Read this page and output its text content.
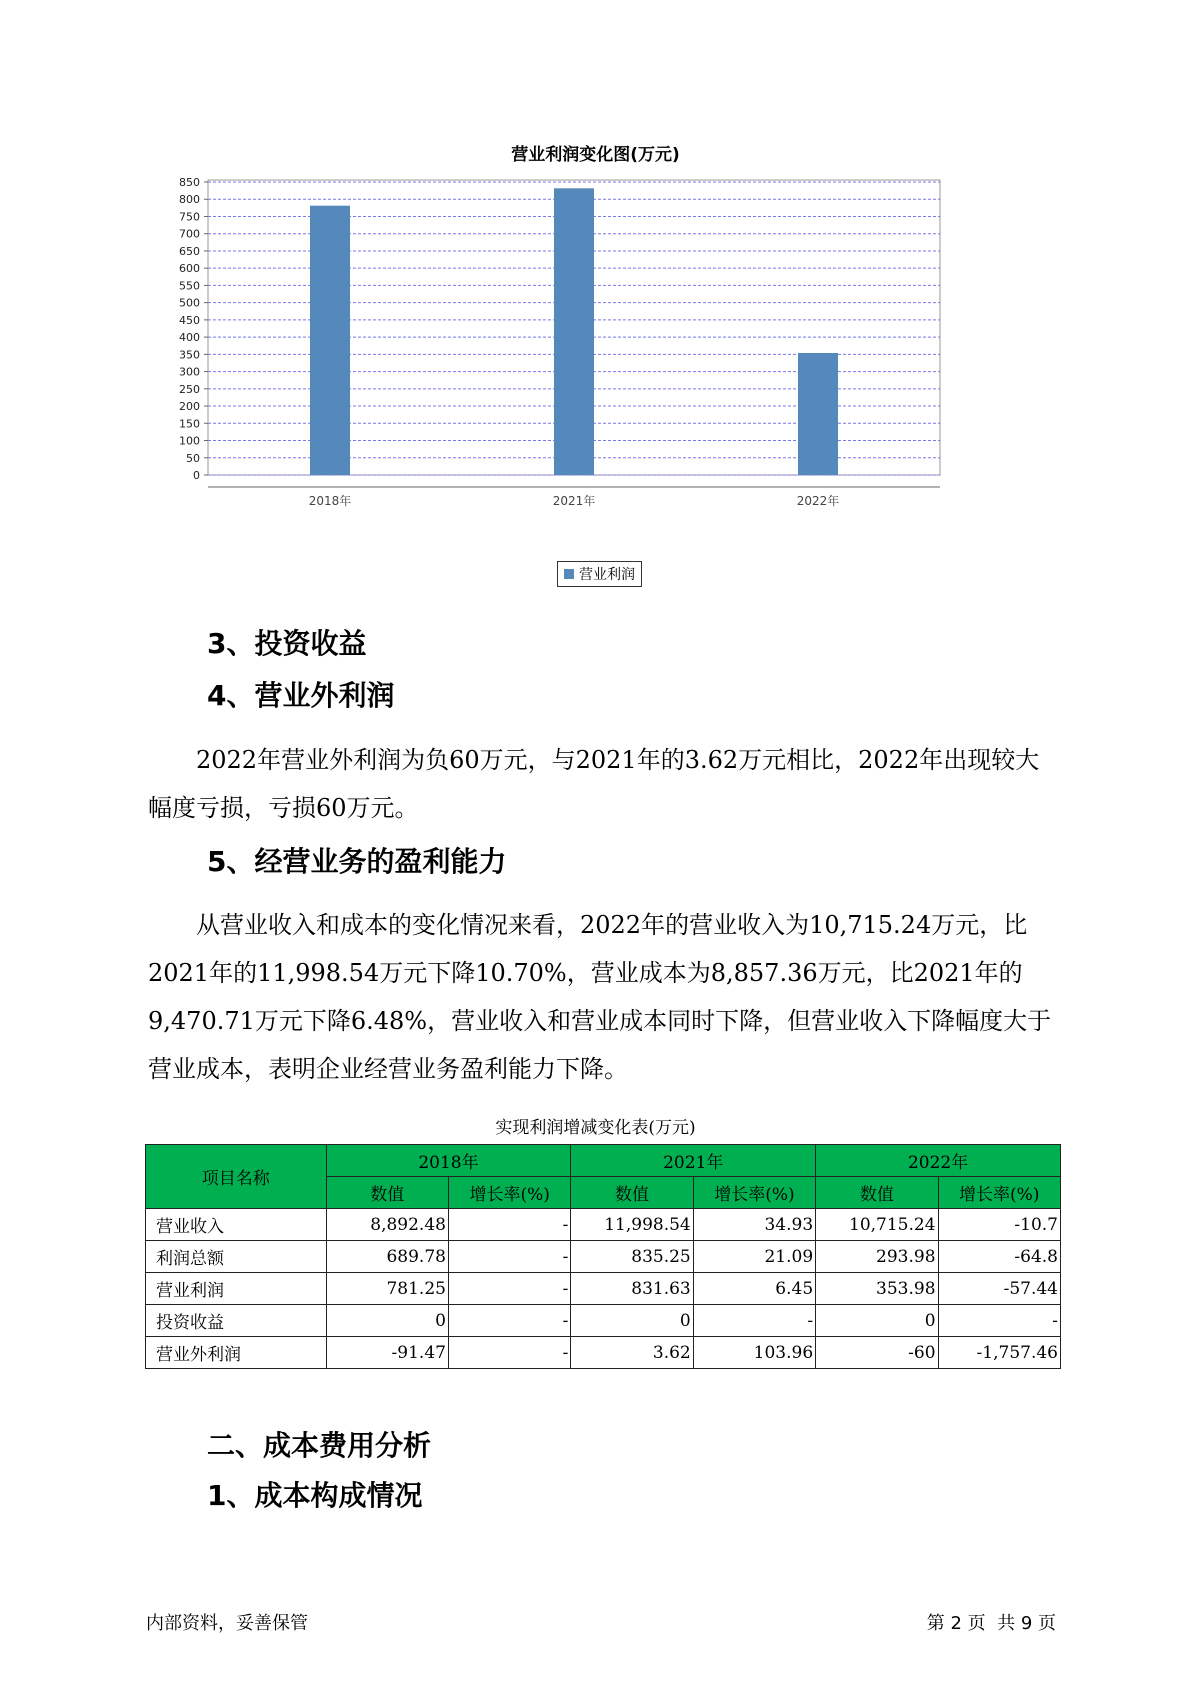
营业利润变化图(万元)
0
50
100
150
200
250
300
350
400
450
500
550
600
650
700
750
800
850
2018年	2021年	2022年
营业利润
3、投资收益
4、营业外利润

2022年营业外利润为负60万元，与2021年的3.62万元相比，2022年出现较大幅度亏损，亏损60万元。

5、经营业务的盈利能力

从营业收入和成本的变化情况来看，2022年的营业收入为10,715.24万元，比2021年的11,998.54万元下降10.70%，营业成本为8,857.36万元，比2021年的9,470.71万元下降6.48%，营业收入和营业成本同时下降，但营业收入下降幅度大于营业成本，表明企业经营业务盈利能力下降。

实现利润增减变化表(万元)
项目名称	2018年		2021年		2022年	
	数值	增长率(%)	数值	增长率(%)	数值	增长率(%)
营业收入	8,892.48	-	11,998.54	34.93	10,715.24	-10.7
利润总额	689.78	-	835.25	21.09	293.98	-64.8
营业利润	781.25	-	831.63	6.45	353.98	-57.44
投资收益	0	-	0	-	0	-
营业外利润	-91.47	-	3.62	103.96	-60	-1,757.46
二、成本费用分析
1、成本构成情况
内部资料，妥善保管	第 2 页  共 9 页
